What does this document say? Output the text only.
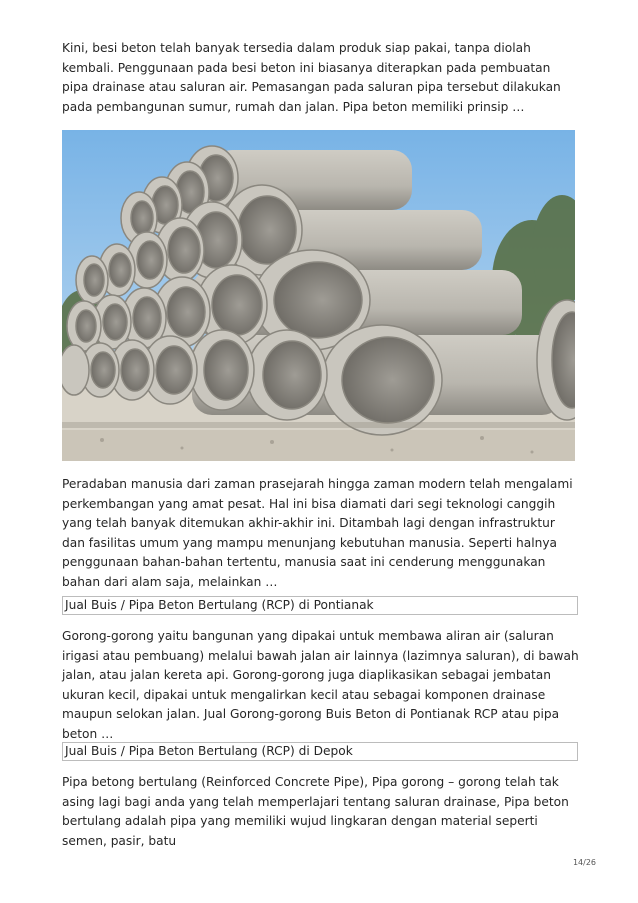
Kini, besi beton telah banyak tersedia dalam produk siap pakai, tanpa diolah kembali. Penggunaan pada besi beton ini biasanya diterapkan pada pembuatan pipa drainase atau saluran air. Pemasangan pada saluran pipa tersebut dilakukan pada pembangunan sumur, rumah dan jalan. Pipa beton memiliki prinsip …

Peradaban manusia dari zaman prasejarah hingga zaman modern telah mengalami perkembangan yang amat pesat. Hal ini bisa diamati dari segi teknologi canggih yang telah banyak ditemukan akhir-akhir ini. Ditambah lagi dengan infrastruktur dan fasilitas umum yang mampu menunjang kebutuhan manusia. Seperti halnya penggunaan bahan-bahan tertentu, manusia saat ini cenderung menggunakan bahan dari alam saja, melainkan …

Jual Buis / Pipa Beton Bertulang (RCP) di Pontianak

Gorong-gorong yaitu bangunan yang dipakai untuk membawa aliran air (saluran irigasi atau pembuang) melalui bawah jalan air lainnya (lazimnya saluran), di bawah jalan, atau jalan kereta api. Gorong-gorong juga diaplikasikan sebagai jembatan ukuran kecil, dipakai untuk mengalirkan kecil atau sebagai komponen drainase maupun selokan jalan. Jual Gorong-gorong Buis Beton di Pontianak RCP atau pipa beton …

Jual Buis / Pipa Beton Bertulang (RCP) di Depok

Pipa betong bertulang (Reinforced Concrete Pipe), Pipa gorong – gorong telah tak asing lagi bagi anda yang telah memperlajari tentang saluran drainase, Pipa beton bertulang adalah pipa yang memiliki wujud lingkaran dengan material seperti semen, pasir, batu

14/26
